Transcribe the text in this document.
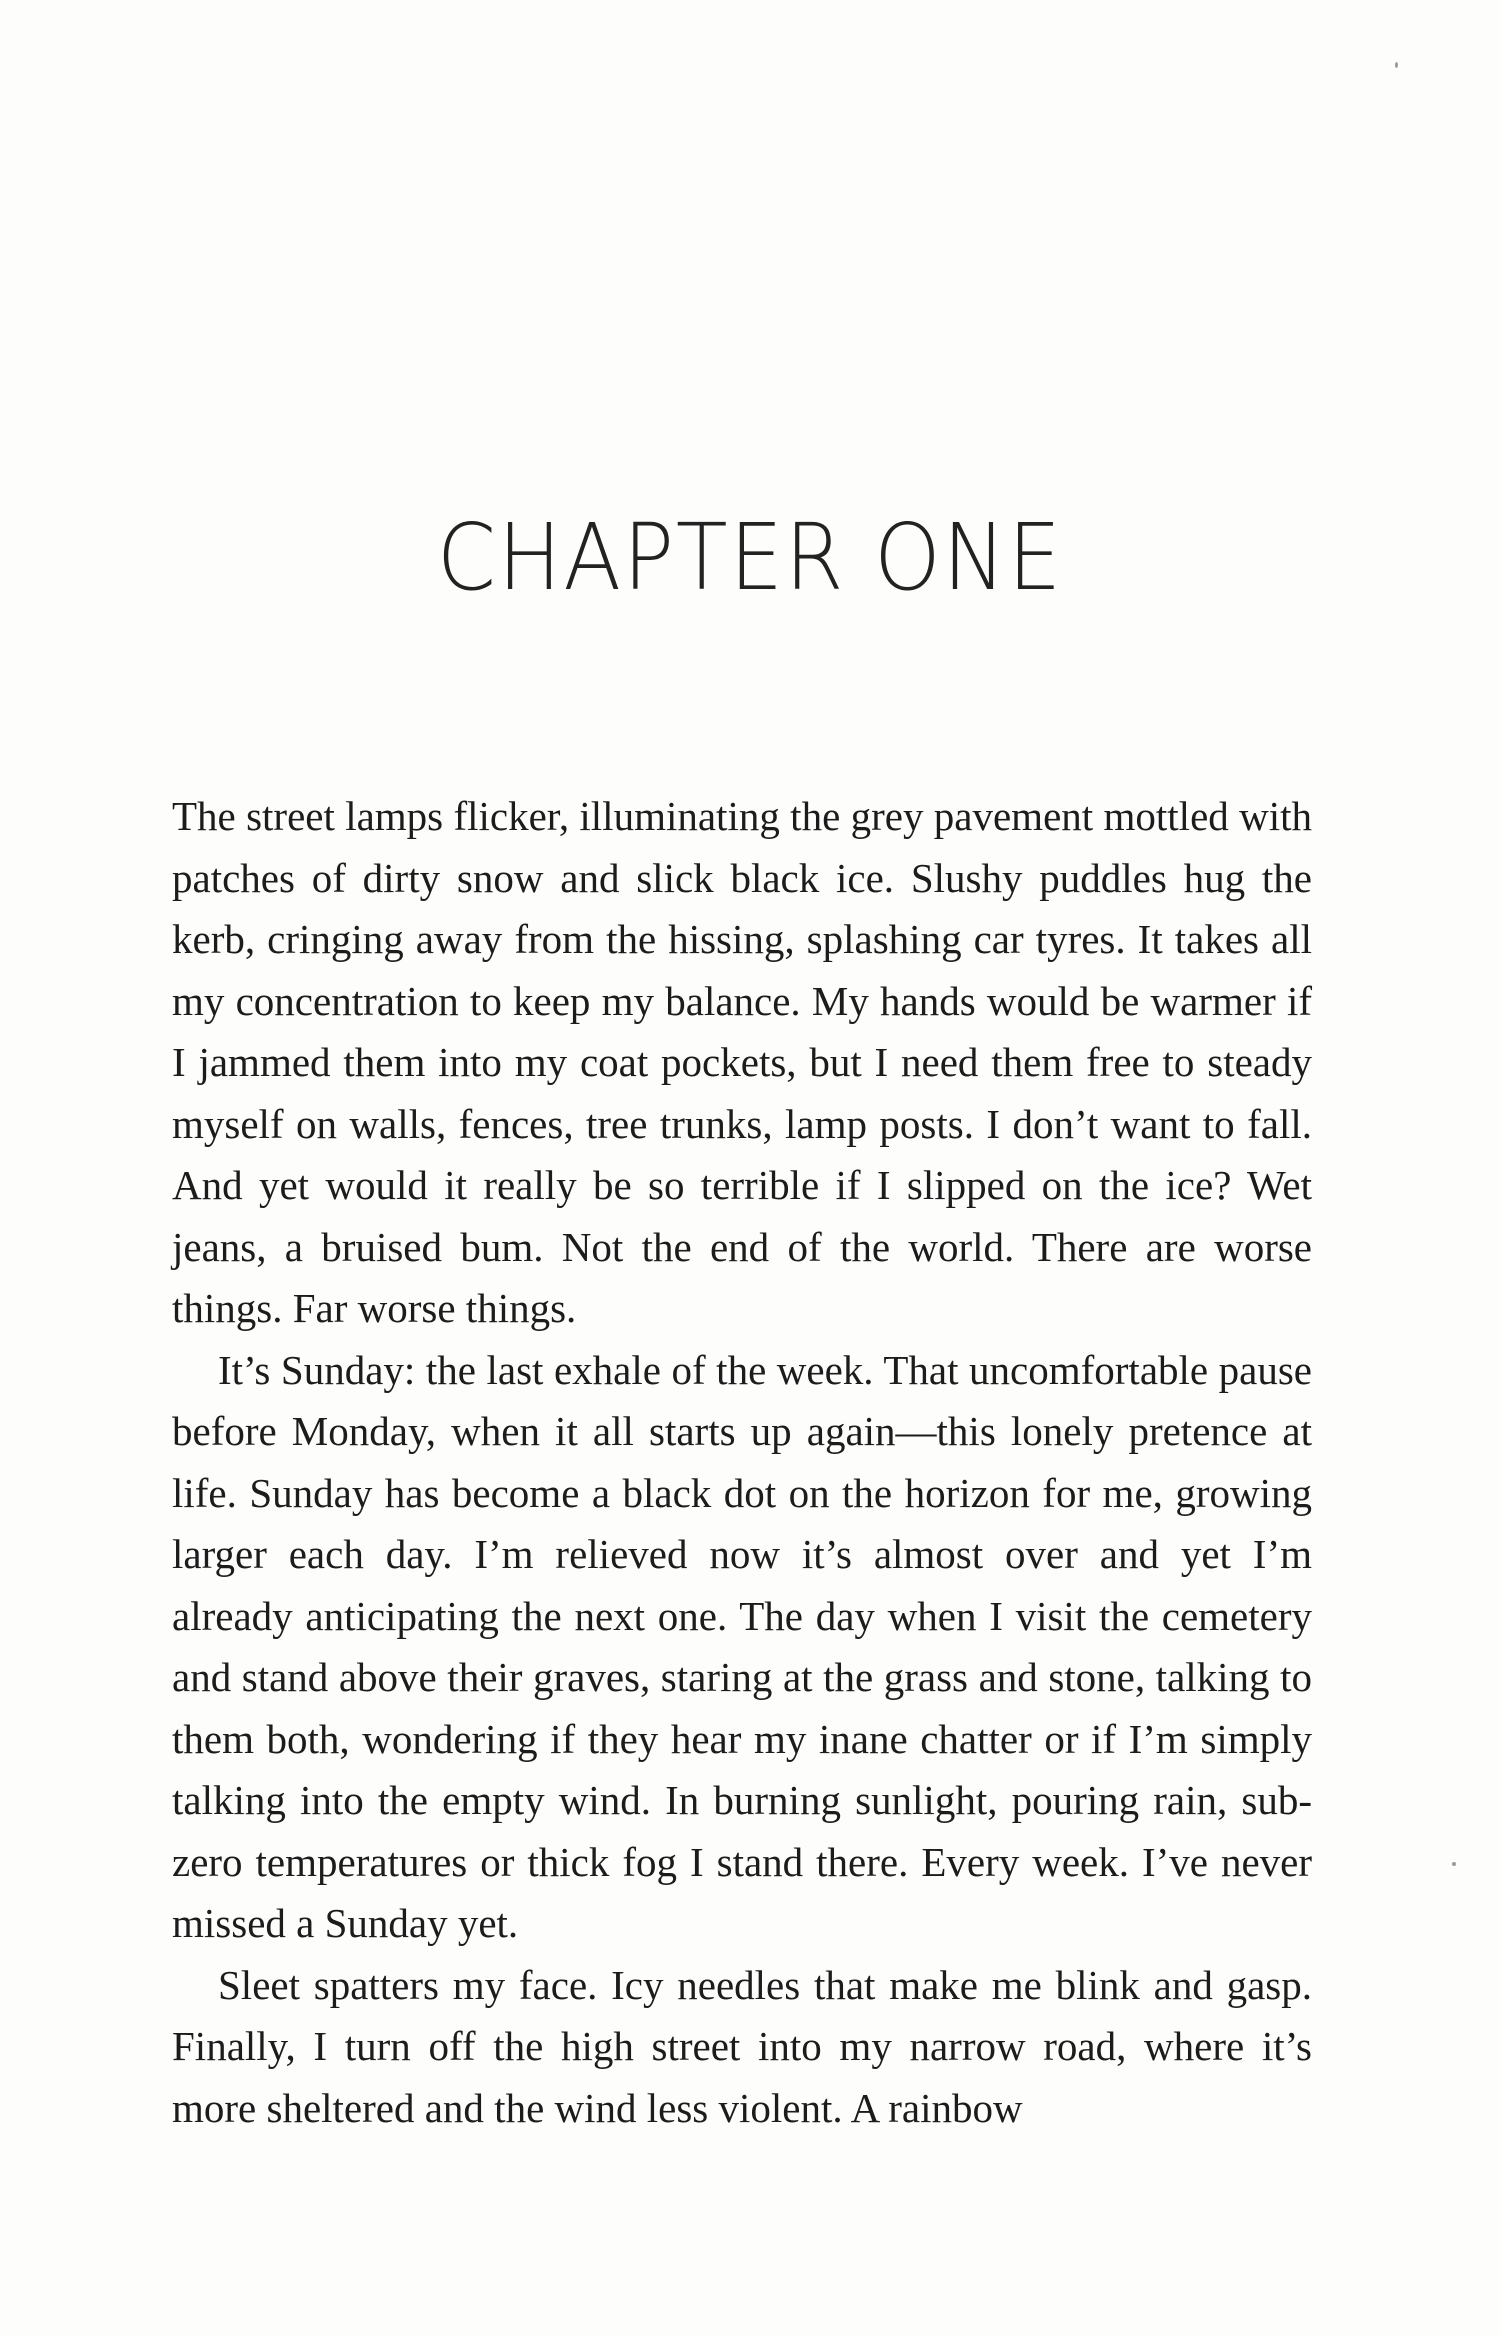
CHAPTER ONE

The street lamps flicker, illuminating the grey pavement mottled with patches of dirty snow and slick black ice. Slushy puddles hug the kerb, cringing away from the hissing, splashing car tyres. It takes all my concentration to keep my balance. My hands would be warmer if I jammed them into my coat pockets, but I need them free to steady myself on walls, fences, tree trunks, lamp posts. I don’t want to fall. And yet would it really be so terrible if I slipped on the ice? Wet jeans, a bruised bum. Not the end of the world. There are worse things. Far worse things.

It’s Sunday: the last exhale of the week. That uncomfortable pause before Monday, when it all starts up again—this lonely pretence at life. Sunday has become a black dot on the horizon for me, growing larger each day. I’m relieved now it’s almost over and yet I’m already anticipating the next one. The day when I visit the cemetery and stand above their graves, staring at the grass and stone, talking to them both, wondering if they hear my inane chatter or if I’m simply talking into the empty wind. In burning sunlight, pouring rain, sub-zero temperatures or thick fog I stand there. Every week. I’ve never missed a Sunday yet.

Sleet spatters my face. Icy needles that make me blink and gasp. Finally, I turn off the high street into my narrow road, where it’s more sheltered and the wind less violent. A rainbow
